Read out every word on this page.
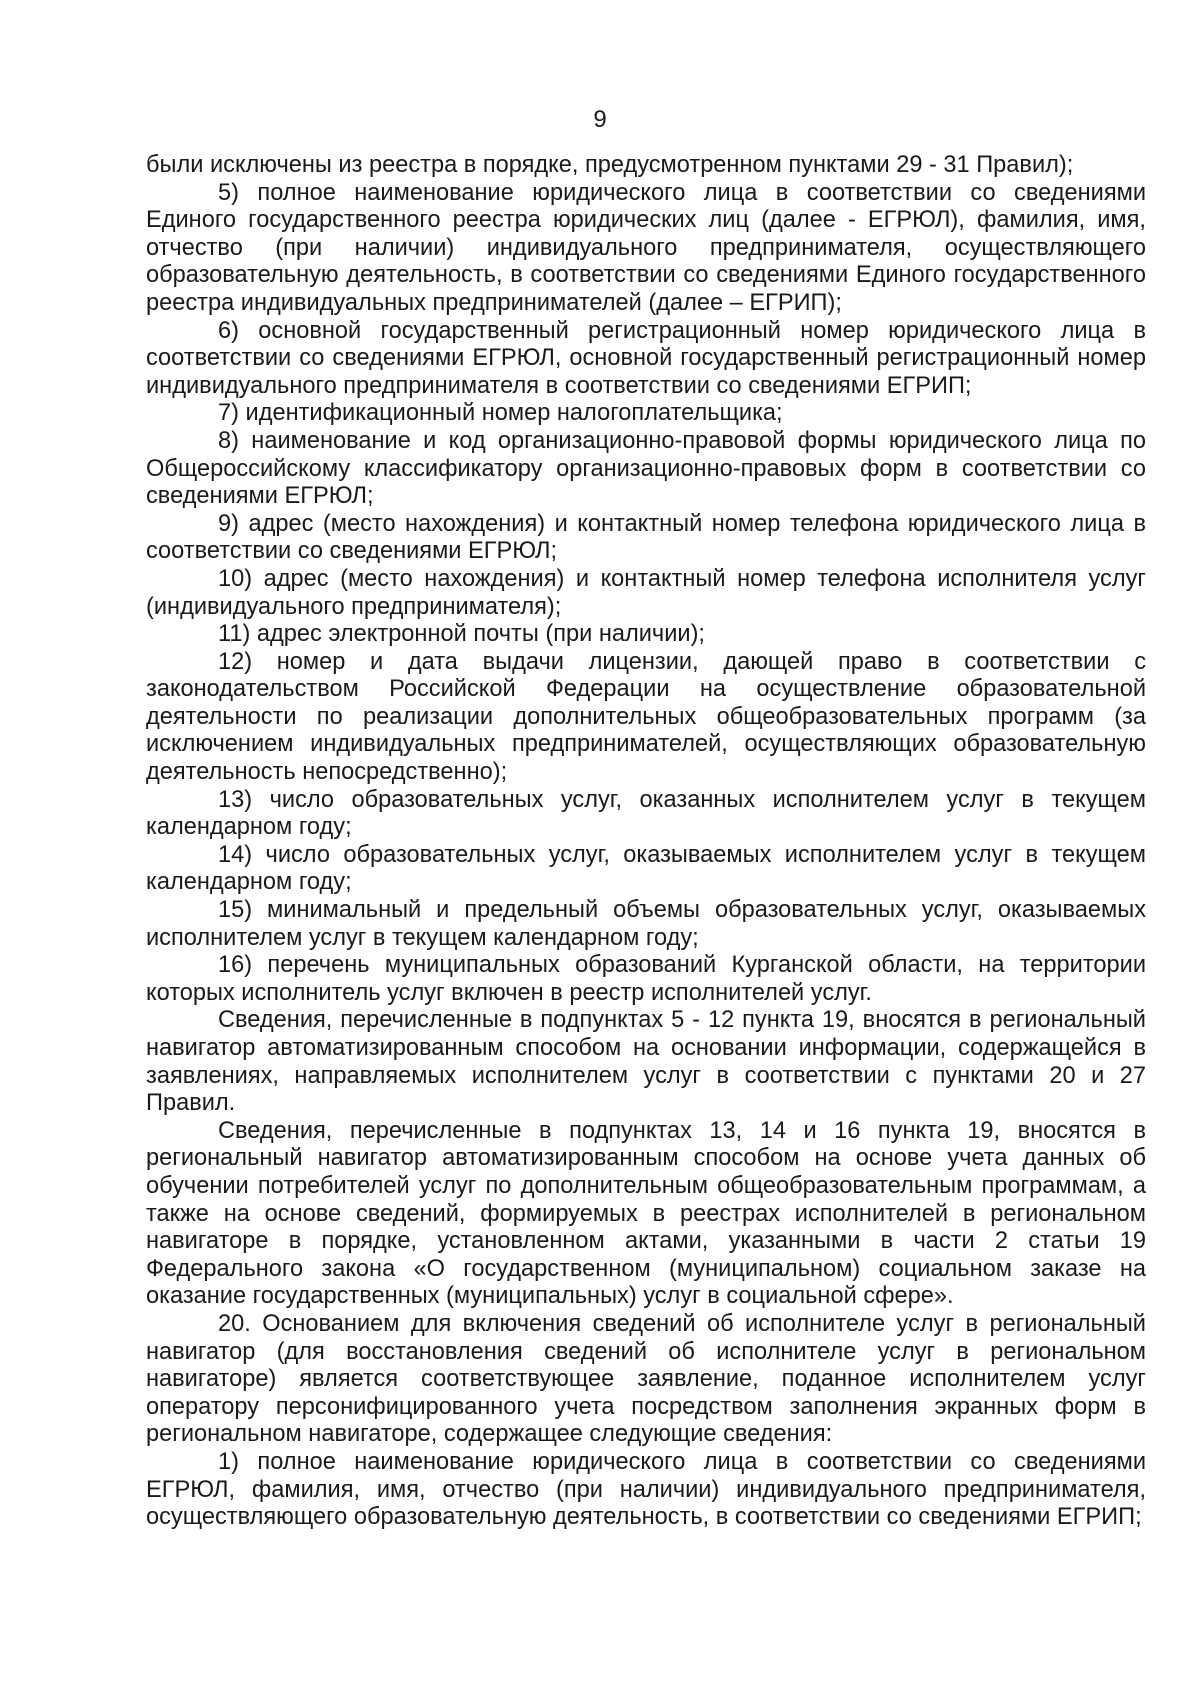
9

были исключены из реестра в порядке, предусмотренном пунктами 29 - 31 Правил);

5) полное наименование юридического лица в соответствии со сведениями Единого государственного реестра юридических лиц (далее - ЕГРЮЛ), фамилия, имя, отчество (при наличии) индивидуального предпринимателя, осуществляющего образовательную деятельность, в соответствии со сведениями Единого государственного реестра индивидуальных предпринимателей (далее – ЕГРИП);

6) основной государственный регистрационный номер юридического лица в соответствии со сведениями ЕГРЮЛ, основной государственный регистрационный номер индивидуального предпринимателя в соответствии со сведениями ЕГРИП;

7) идентификационный номер налогоплательщика;

8) наименование и код организационно-правовой формы юридического лица по Общероссийскому классификатору организационно-правовых форм в соответствии со сведениями ЕГРЮЛ;

9) адрес (место нахождения) и контактный номер телефона юридического лица в соответствии со сведениями ЕГРЮЛ;

10) адрес (место нахождения) и контактный номер телефона исполнителя услуг (индивидуального предпринимателя);

11) адрес электронной почты (при наличии);

12) номер и дата выдачи лицензии, дающей право в соответствии с законодательством Российской Федерации на осуществление образовательной деятельности по реализации дополнительных общеобразовательных программ (за исключением индивидуальных предпринимателей, осуществляющих образовательную деятельность непосредственно);

13) число образовательных услуг, оказанных исполнителем услуг в текущем календарном году;

14) число образовательных услуг, оказываемых исполнителем услуг в текущем календарном году;

15) минимальный и предельный объемы образовательных услуг, оказываемых исполнителем услуг в текущем календарном году;

16) перечень муниципальных образований Курганской области, на территории которых исполнитель услуг включен в реестр исполнителей услуг.

Сведения, перечисленные в подпунктах 5 - 12 пункта 19, вносятся в региональный навигатор автоматизированным способом на основании информации, содержащейся в заявлениях, направляемых исполнителем услуг в соответствии с пунктами 20 и 27 Правил.

Сведения, перечисленные в подпунктах 13, 14 и 16 пункта 19, вносятся в региональный навигатор автоматизированным способом на основе учета данных об обучении потребителей услуг по дополнительным общеобразовательным программам, а также на основе сведений, формируемых в реестрах исполнителей в региональном навигаторе в порядке, установленном актами, указанными в части 2 статьи 19 Федерального закона «О государственном (муниципальном) социальном заказе на оказание государственных (муниципальных) услуг в социальной сфере».

20. Основанием для включения сведений об исполнителе услуг в региональный навигатор (для восстановления сведений об исполнителе услуг в региональном навигаторе) является соответствующее заявление, поданное исполнителем услуг оператору персонифицированного учета посредством заполнения экранных форм в региональном навигаторе, содержащее следующие сведения:

1) полное наименование юридического лица в соответствии со сведениями ЕГРЮЛ, фамилия, имя, отчество (при наличии) индивидуального предпринимателя, осуществляющего образовательную деятельность, в соответствии со сведениями ЕГРИП;
